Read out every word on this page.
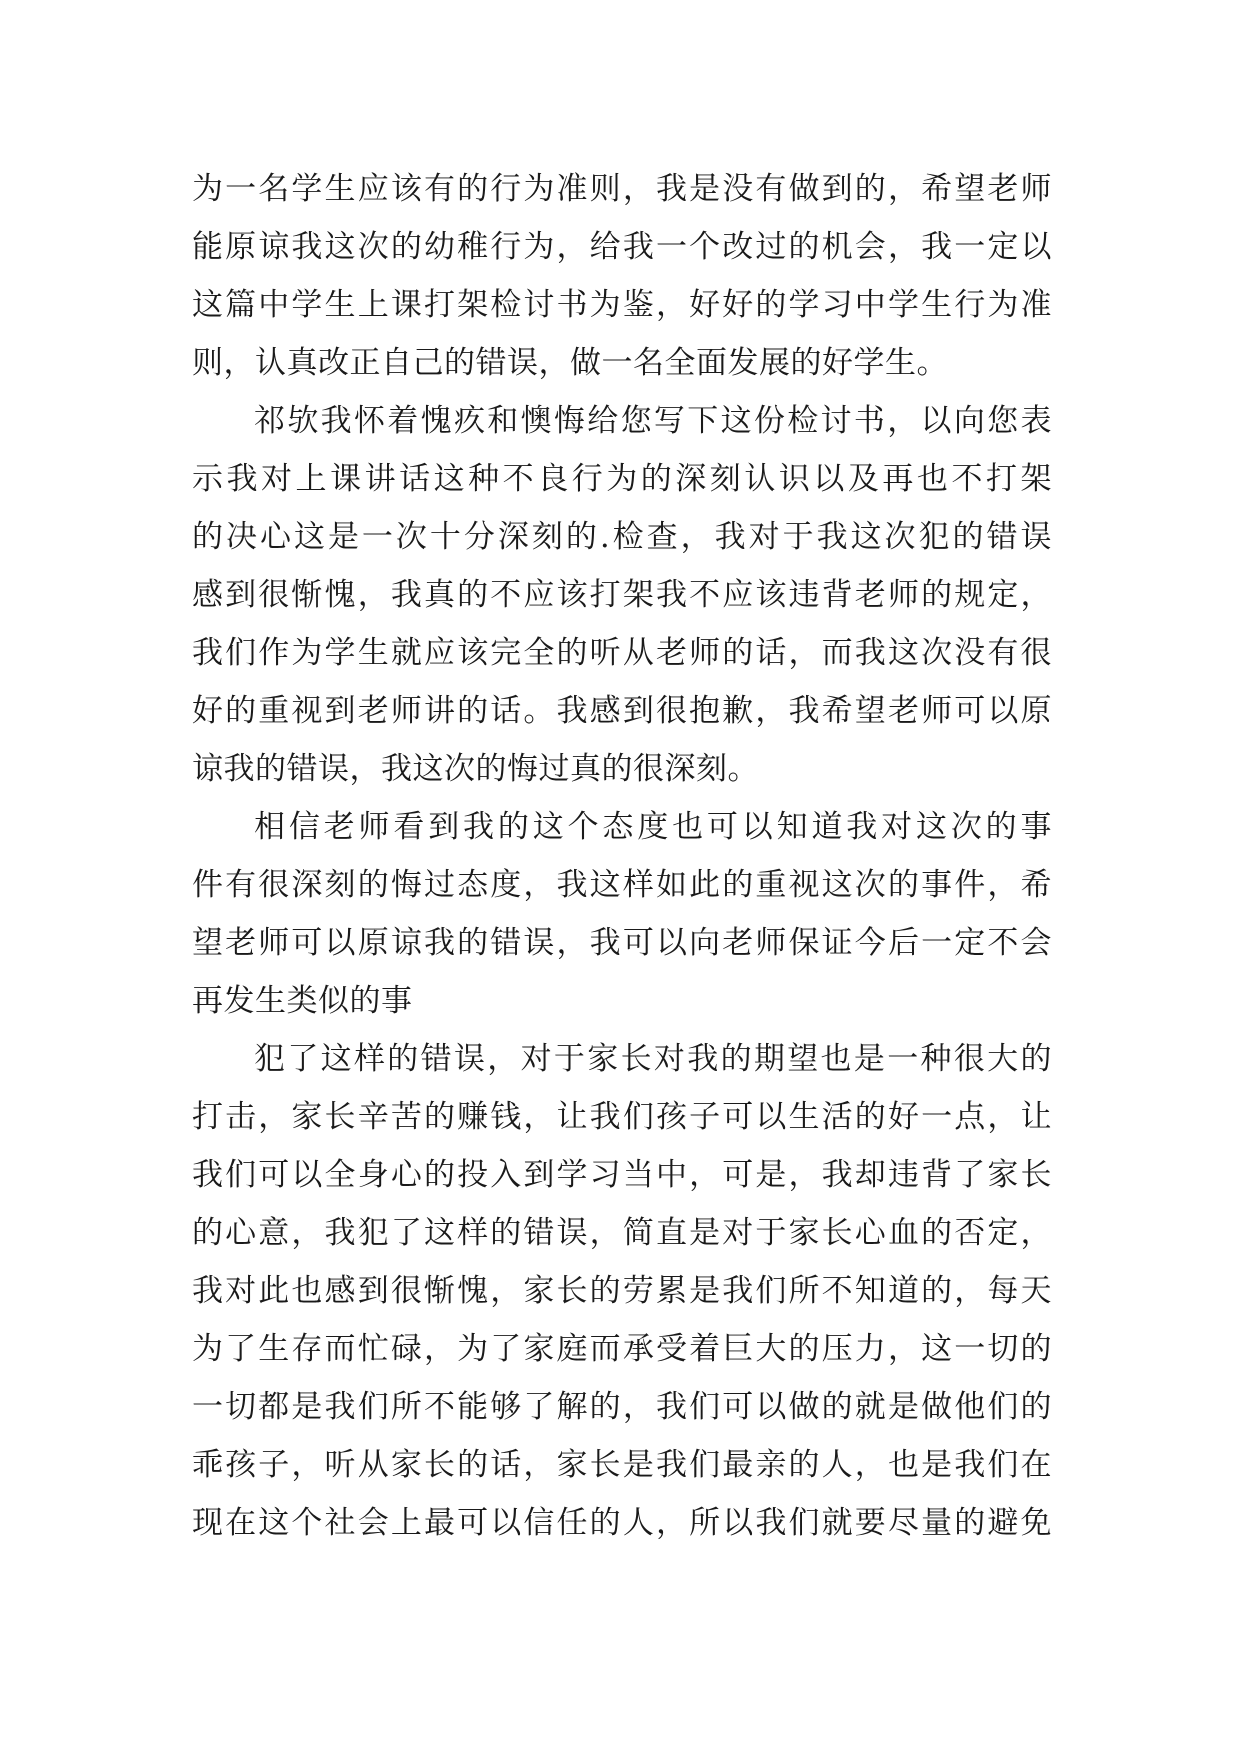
为一名学生应该有的行为准则，我是没有做到的，希望老师
能原谅我这次的幼稚行为，给我一个改过的机会，我一定以
这篇中学生上课打架检讨书为鉴，好好的学习中学生行为准
则，认真改正自己的错误，做一名全面发展的好学生。
祁欤我怀着愧疚和懊悔给您写下这份检讨书，以向您表
示我对上课讲话这种不良行为的深刻认识以及再也不打架
的决心这是一次十分深刻的.检查，我对于我这次犯的错误
感到很惭愧，我真的不应该打架我不应该违背老师的规定，
我们作为学生就应该完全的听从老师的话，而我这次没有很
好的重视到老师讲的话。我感到很抱歉，我希望老师可以原
谅我的错误，我这次的悔过真的很深刻。
相信老师看到我的这个态度也可以知道我对这次的事
件有很深刻的悔过态度，我这样如此的重视这次的事件，希
望老师可以原谅我的错误，我可以向老师保证今后一定不会
再发生类似的事
犯了这样的错误，对于家长对我的期望也是一种很大的
打击，家长辛苦的赚钱，让我们孩子可以生活的好一点，让
我们可以全身心的投入到学习当中，可是，我却违背了家长
的心意，我犯了这样的错误，简直是对于家长心血的否定，
我对此也感到很惭愧，家长的劳累是我们所不知道的，每天
为了生存而忙碌，为了家庭而承受着巨大的压力，这一切的
一切都是我们所不能够了解的，我们可以做的就是做他们的
乖孩子，听从家长的话，家长是我们最亲的人，也是我们在
现在这个社会上最可以信任的人，所以我们就要尽量的避免
